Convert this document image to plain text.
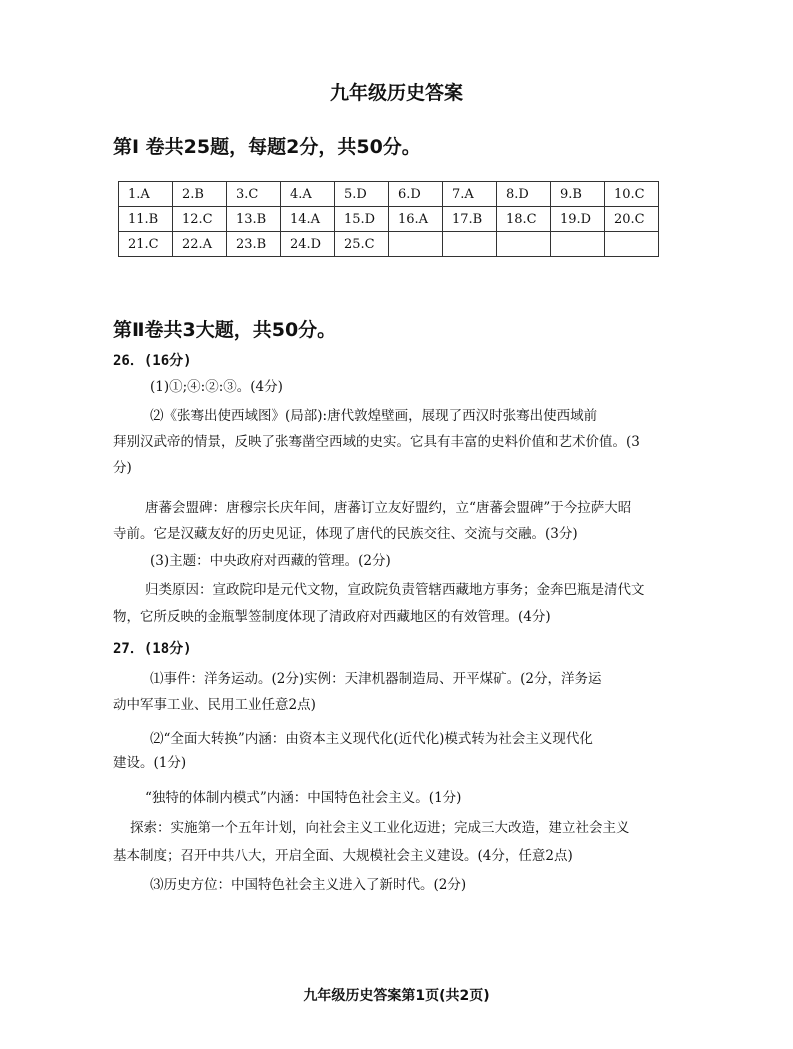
九年级历史答案
第Ⅰ 卷共25题，每题2分，共50分。
1.A	2.B	3.C	4.A	5.D	6.D	7.A	8.D	9.B	10.C
11.B	12.C	13.B	14.A	15.D	16.A	17.B	18.C	19.D	20.C
21.C	22.A	23.B	24.D	25.C					
第Ⅱ卷共3大题，共50分。
26．(16分)
(1)①;④:②:③。(4分)
⑵《张骞出使西域图》(局部):唐代敦煌壁画，展现了西汉时张骞出使西域前
拜别汉武帝的情景，反映了张骞凿空西域的史实。它具有丰富的史料价值和艺术价值。(3
分)
唐蕃会盟碑：唐穆宗长庆年间，唐蕃订立友好盟约，立“唐蕃会盟碑”于今拉萨大昭
寺前。它是汉藏友好的历史见证，体现了唐代的民族交往、交流与交融。(3分)
(3)主题：中央政府对西藏的管理。(2分)
归类原因：宣政院印是元代文物，宣政院负责管辖西藏地方事务；金奔巴瓶是清代文
物，它所反映的金瓶掣签制度体现了清政府对西藏地区的有效管理。(4分)
27．(18分)
⑴事件：洋务运动。(2分)实例：天津机器制造局、开平煤矿。(2分，洋务运
动中军事工业、民用工业任意2点)
⑵“全面大转换”内涵：由资本主义现代化(近代化)模式转为社会主义现代化
建设。(1分)
“独特的体制内模式”内涵：中国特色社会主义。(1分)
探索：实施第一个五年计划，向社会主义工业化迈进；完成三大改造，建立社会主义
基本制度；召开中共八大，开启全面、大规模社会主义建设。(4分，任意2点)
⑶历史方位：中国特色社会主义进入了新时代。(2分)
九年级历史答案第1页(共2页)
